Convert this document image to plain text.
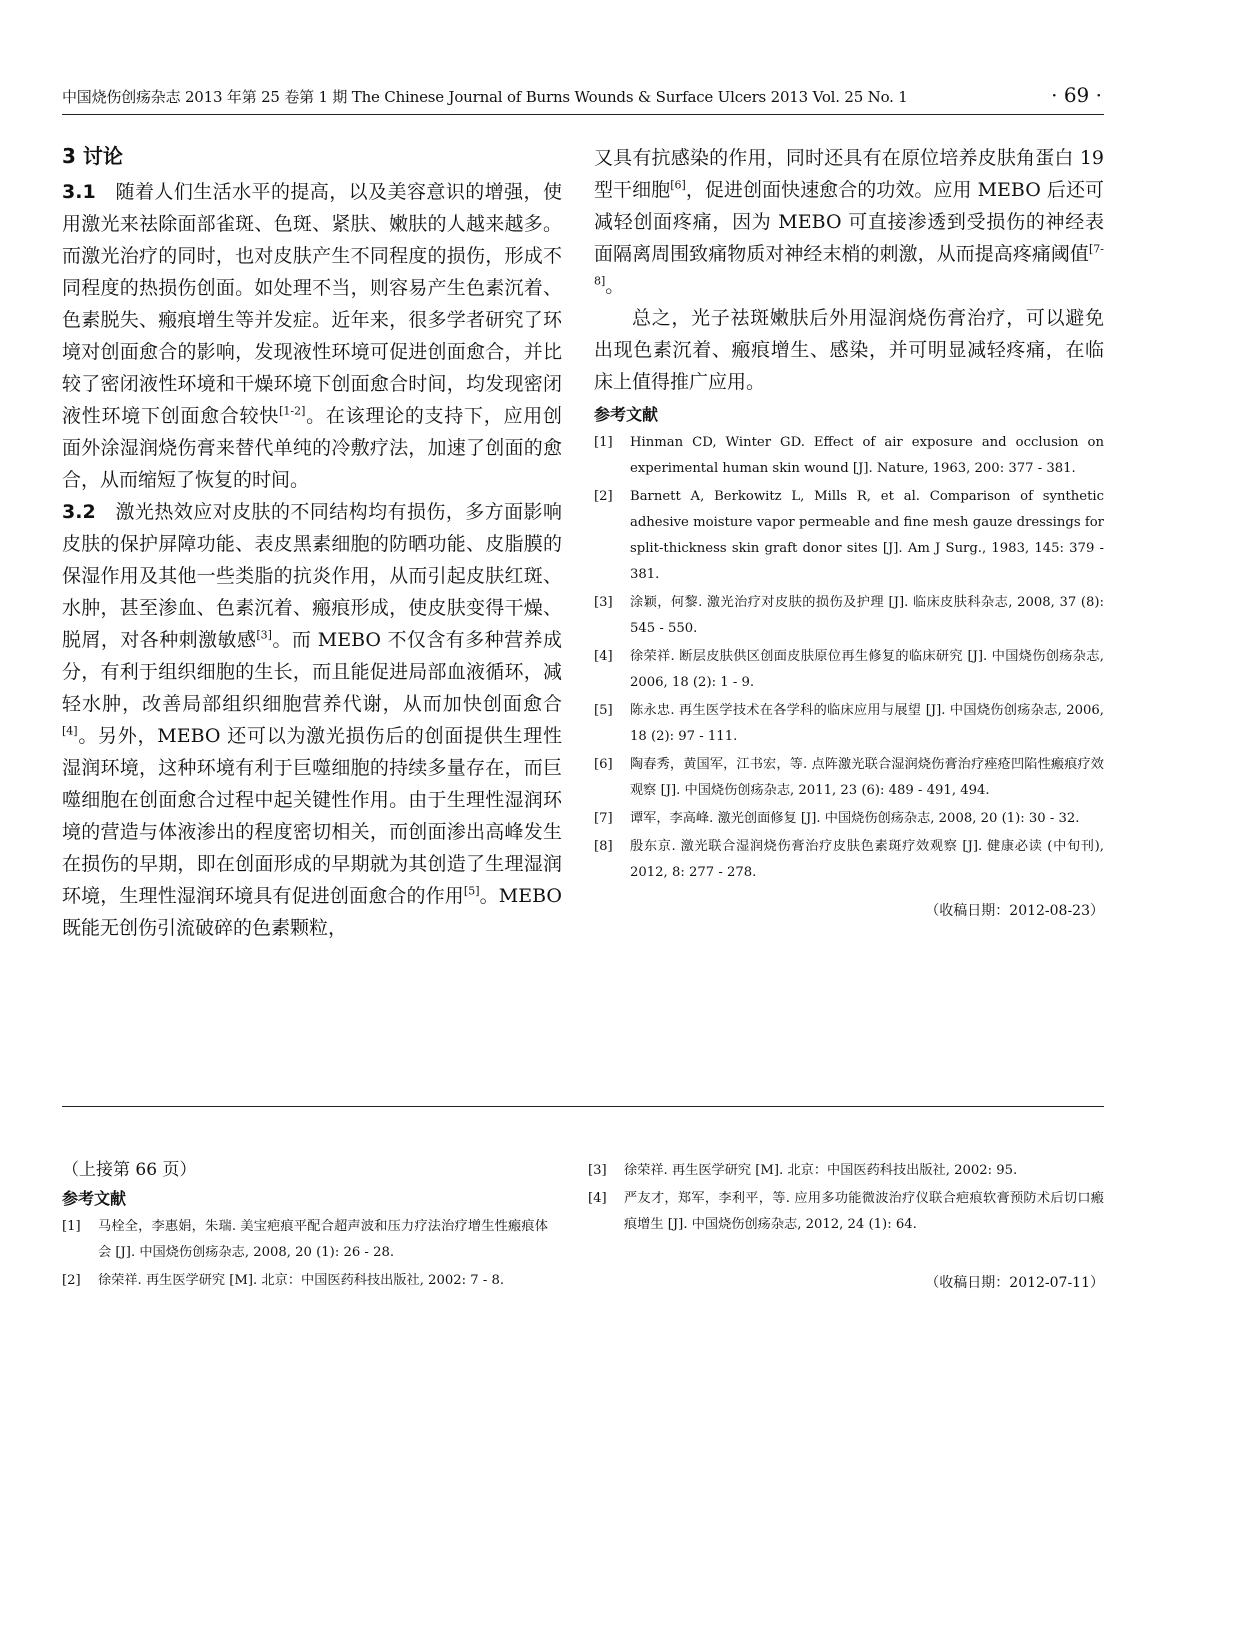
中国烧伤创疡杂志 2013 年第 25 卷第 1 期 The Chinese Journal of Burns Wounds & Surface Ulcers 2013 Vol. 25 No. 1	· 69 ·
3 讨论

3.1　 随着人们生活水平的提高，以及美容意识的增强，使用激光来祛除面部雀斑、色斑、紧肤、嫩肤的人越来越多。而激光治疗的同时，也对皮肤产生不同程度的损伤，形成不同程度的热损伤创面。如处理不当，则容易产生色素沉着、色素脱失、瘢痕增生等并发症。近年来，很多学者研究了环境对创面愈合的影响，发现液性环境可促进创面愈合，并比较了密闭液性环境和干燥环境下创面愈合时间，均发现密闭液性环境下创面愈合较快[1-2]。在该理论的支持下，应用创面外涂湿润烧伤膏来替代单纯的冷敷疗法，加速了创面的愈合，从而缩短了恢复的时间。

3.2　 激光热效应对皮肤的不同结构均有损伤，多方面影响皮肤的保护屏障功能、表皮黑素细胞的防晒功能、皮脂膜的保湿作用及其他一些类脂的抗炎作用，从而引起皮肤红斑、水肿，甚至渗血、色素沉着、瘢痕形成，使皮肤变得干燥、脱屑，对各种刺激敏感[3]。而 MEBO 不仅含有多种营养成分，有利于组织细胞的生长，而且能促进局部血液循环，减轻水肿，改善局部组织细胞营养代谢，从而加快创面愈合[4]。另外，MEBO 还可以为激光损伤后的创面提供生理性湿润环境，这种环境有利于巨噬细胞的持续多量存在，而巨噬细胞在创面愈合过程中起关键性作用。由于生理性湿润环境的营造与体液渗出的程度密切相关，而创面渗出高峰发生在损伤的早期，即在创面形成的早期就为其创造了生理湿润环境，生理性湿润环境具有促进创面愈合的作用[5]。MEBO 既能无创伤引流破碎的色素颗粒，

又具有抗感染的作用，同时还具有在原位培养皮肤角蛋白 19 型干细胞[6]，促进创面快速愈合的功效。应用 MEBO 后还可减轻创面疼痛，因为 MEBO 可直接渗透到受损伤的神经表面隔离周围致痛物质对神经末梢的刺激，从而提高疼痛阈值[7-8]。

总之，光子祛斑嫩肤后外用湿润烧伤膏治疗，可以避免出现色素沉着、瘢痕增生、感染，并可明显减轻疼痛，在临床上值得推广应用。

参考文献
[1] Hinman CD, Winter GD. Effect of air exposure and occlusion on experimental human skin wound [J]. Nature, 1963, 200: 377 - 381.
[2] Barnett A, Berkowitz L, Mills R, et al. Comparison of synthetic adhesive moisture vapor permeable and fine mesh gauze dressings for split-thickness skin graft donor sites [J]. Am J Surg., 1983, 145: 379 - 381.
[3] 涂颖，何黎. 激光治疗对皮肤的损伤及护理 [J]. 临床皮肤科杂志, 2008, 37 (8): 545 - 550.
[4] 徐荣祥. 断层皮肤供区创面皮肤原位再生修复的临床研究 [J]. 中国烧伤创疡杂志, 2006, 18 (2): 1 - 9.
[5] 陈永忠. 再生医学技术在各学科的临床应用与展望 [J]. 中国烧伤创疡杂志, 2006, 18 (2): 97 - 111.
[6] 陶春秀，黄国军，江书宏，等. 点阵激光联合湿润烧伤膏治疗痤疮凹陷性瘢痕疗效观察 [J]. 中国烧伤创疡杂志, 2011, 23 (6): 489 - 491, 494.
[7] 谭军，李高峰. 激光创面修复 [J]. 中国烧伤创疡杂志, 2008, 20 (1): 30 - 32.
[8] 殷东京. 激光联合湿润烧伤膏治疗皮肤色素斑疗效观察 [J]. 健康必读 (中旬刊), 2012, 8: 277 - 278.
（收稿日期：2012-08-23）
（上接第 66 页）
参考文献
[1] 马栓全，李惠娟，朱瑞. 美宝疤痕平配合超声波和压力疗法治疗增生性瘢痕体会 [J]. 中国烧伤创疡杂志, 2008, 20 (1): 26 - 28.
[2] 徐荣祥. 再生医学研究 [M]. 北京：中国医药科技出版社, 2002: 7 - 8.
[3] 徐荣祥. 再生医学研究 [M]. 北京：中国医药科技出版社, 2002: 95.
[4] 严友才，郑军，李利平，等. 应用多功能微波治疗仪联合疤痕软膏预防术后切口瘢痕增生 [J]. 中国烧伤创疡杂志, 2012, 24 (1): 64.
（收稿日期：2012-07-11）
